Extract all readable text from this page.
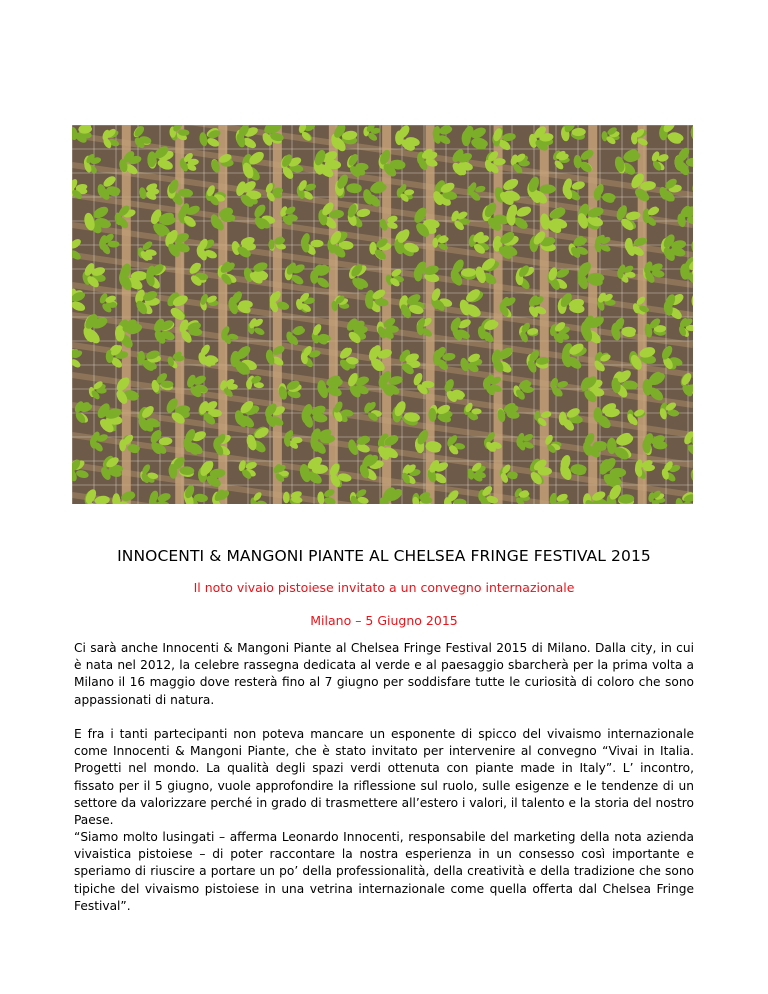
INNOCENTI & MANGONI PIANTE AL CHELSEA FRINGE FESTIVAL 2015
Il noto vivaio pistoiese invitato a un convegno internazionale
Milano – 5 Giugno 2015

Ci sarà anche Innocenti & Mangoni Piante al Chelsea Fringe Festival 2015 di Milano. Dalla city, in cui è nata nel 2012, la celebre rassegna dedicata al verde e al paesaggio sbarcherà per la prima volta a Milano il 16 maggio dove resterà fino al 7 giugno per soddisfare tutte le curiosità di coloro che sono appassionati di natura.

E fra i tanti partecipanti non poteva mancare un esponente di spicco del vivaismo internazionale come Innocenti & Mangoni Piante, che è stato invitato per intervenire al convegno “Vivai in Italia. Progetti nel mondo. La qualità degli spazi verdi ottenuta con piante made in Italy”. L’ incontro, fissato per il 5 giugno, vuole approfondire la riflessione sul ruolo, sulle esigenze e le tendenze di un settore da valorizzare perché in grado di trasmettere all’estero i valori, il talento e la storia del nostro Paese.

“Siamo molto lusingati – afferma Leonardo Innocenti, responsabile del marketing della nota azienda vivaistica pistoiese – di poter raccontare la nostra esperienza in un consesso così importante e speriamo di riuscire a portare un po’ della professionalità, della creatività e della tradizione che sono tipiche del vivaismo pistoiese in una vetrina internazionale come quella offerta dal Chelsea Fringe Festival”.
